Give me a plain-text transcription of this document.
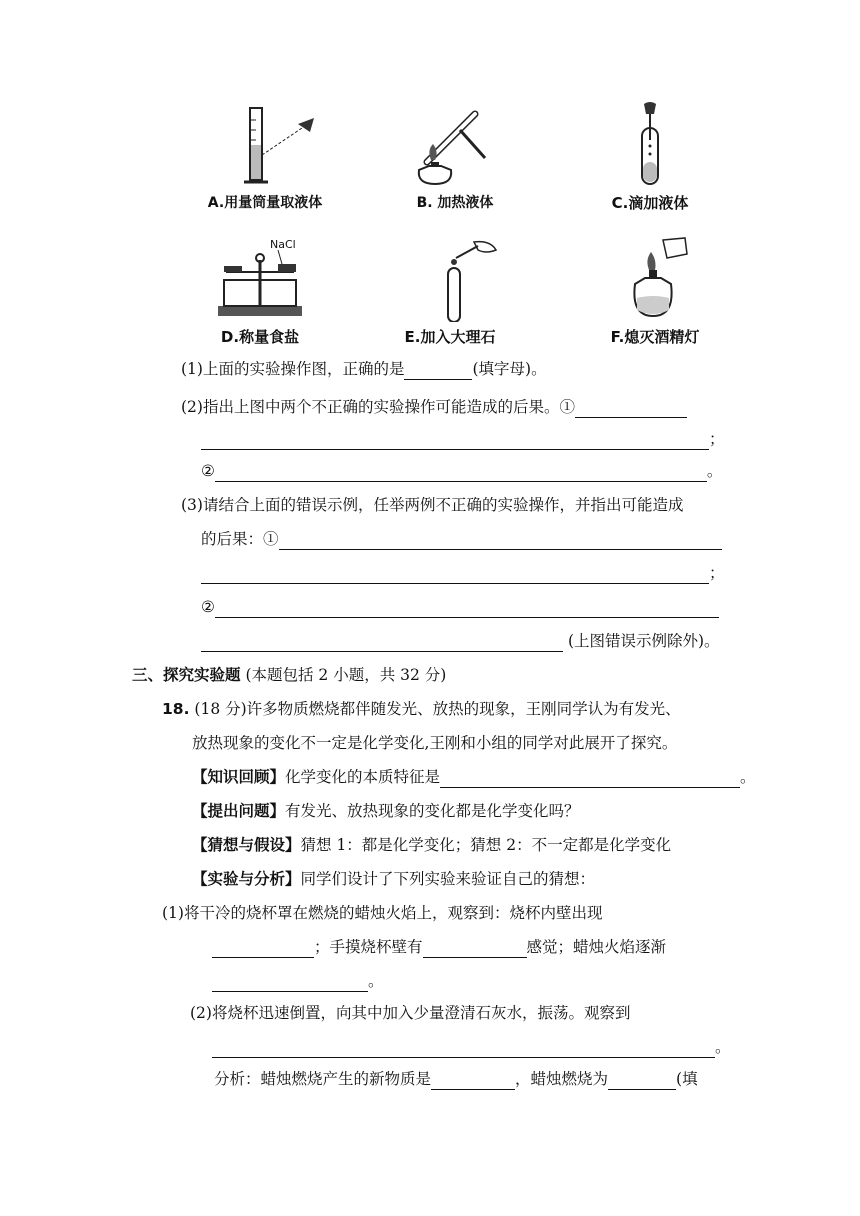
A.用量筒量取液体	B. 加热液体	C.滴加液体
NaCl
D.称量食盐	E.加入大理石	F.熄灭酒精灯
(1)上面的实验操作图，正确的是	(填字母)。
(2)指出上图中两个不正确的实验操作可能造成的后果。①
；
②	。
(3)请结合上面的错误示例，任举两例不正确的实验操作，并指出可能造成
的后果：①
；
②
(上图错误示例除外)。
三、探究实验题 (本题包括 2 小题，共 32 分)
18. (18 分)许多物质燃烧都伴随发光、放热的现象，王刚同学认为有发光、
放热现象的变化不一定是化学变化,王刚和小组的同学对此展开了探究。
【知识回顾】化学变化的本质特征是	。
【提出问题】有发光、放热现象的变化都是化学变化吗？
【猜想与假设】猜想 1：都是化学变化；猜想 2：不一定都是化学变化
【实验与分析】同学们设计了下列实验来验证自己的猜想：
(1)将干冷的烧杯罩在燃烧的蜡烛火焰上，观察到：烧杯内壁出现
；手摸烧杯壁有	感觉；蜡烛火焰逐渐
。
(2)将烧杯迅速倒置，向其中加入少量澄清石灰水，振荡。观察到
。
分析：蜡烛燃烧产生的新物质是	，蜡烛燃烧为	(填
